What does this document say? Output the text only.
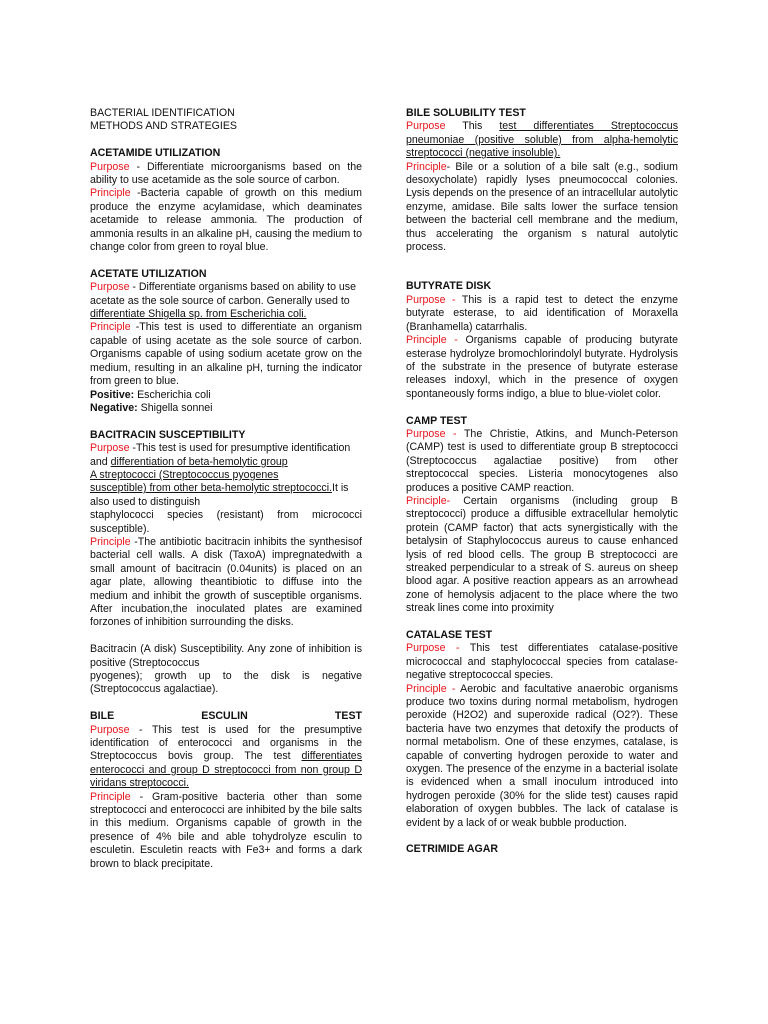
BACTERIAL IDENTIFICATION

METHODS AND STRATEGIES

ACETAMIDE UTILIZATION

Purpose - Differentiate microorganisms based on the ability to use acetamide as the sole source of carbon.

Principle -Bacteria capable of growth on this medium produce the enzyme acylamidase, which deaminates acetamide to release ammonia. The production of ammonia results in an alkaline pH, causing the medium to change color from green to royal blue.

ACETATE UTILIZATION

Purpose - Differentiate organisms based on ability to use

acetate as the sole source of carbon. Generally used to differentiate Shigella sp. from Escherichia coli.

Principle -This test is used to differentiate an organism capable of using acetate as the sole source of carbon. Organisms capable of using sodium acetate grow on the medium, resulting in an alkaline pH, turning the indicator from green to blue.

Positive: Escherichia coli

Negative: Shigella sonnei

BACITRACIN SUSCEPTIBILITY

Purpose -This test is used for presumptive identification

and differentiation of beta-hemolytic group

A streptococci (Streptococcus pyogenes

susceptible) from other beta-hemolytic streptococci.It is also used to distinguish

staphylococci species (resistant) from micrococci susceptible).

Principle -The antibiotic bacitracin inhibits the synthesisof bacterial cell walls. A disk (TaxoA) impregnatedwith a small amount of bacitracin (0.04units) is placed on an agar plate, allowing theantibiotic to diffuse into the medium and inhibit the growth of susceptible organisms. After incubation,the inoculated plates are examined forzones of inhibition surrounding the disks.

Bacitracin (A disk) Susceptibility. Any zone of inhibition is positive (Streptococcus

pyogenes); growth up to the disk is negative (Streptococcus agalactiae).

BILE ESCULIN TEST

Purpose - This test is used for the presumptive identification of enterococci and organisms in the Streptococcus bovis group. The test differentiates enterococci and group D streptococci from non group D viridans streptococci.

Principle - Gram-positive bacteria other than some streptococci and enterococci are inhibited by the bile salts in this medium. Organisms capable of growth in the presence of 4% bile and able tohydrolyze esculin to esculetin. Esculetin reacts with Fe3+ and forms a dark brown to black precipitate.

BILE SOLUBILITY TEST

Purpose This test differentiates Streptococcus pneumoniae (positive soluble) from alpha-hemolytic streptococci (negative insoluble).

Principle- Bile or a solution of a bile salt (e.g., sodium desoxycholate) rapidly lyses pneumococcal colonies. Lysis depends on the presence of an intracellular autolytic enzyme, amidase. Bile salts lower the surface tension between the bacterial cell membrane and the medium, thus accelerating the organism s natural autolytic process.

BUTYRATE DISK

Purpose - This is a rapid test to detect the enzyme butyrate esterase, to aid identification of Moraxella (Branhamella) catarrhalis.

Principle - Organisms capable of producing butyrate esterase hydrolyze bromochlorindolyl butyrate. Hydrolysis of the substrate in the presence of butyrate esterase releases indoxyl, which in the presence of oxygen spontaneously forms indigo, a blue to blue-violet color.

CAMP TEST

Purpose - The Christie, Atkins, and Munch-Peterson (CAMP) test is used to differentiate group B streptococci (Streptococcus agalactiae positive) from other streptococcal species. Listeria monocytogenes also produces a positive CAMP reaction.

Principle- Certain organisms (including group B streptococci) produce a diffusible extracellular hemolytic protein (CAMP factor) that acts synergistically with the betalysin of Staphylococcus aureus to cause enhanced lysis of red blood cells. The group B streptococci are streaked perpendicular to a streak of S. aureus on sheep blood agar. A positive reaction appears as an arrowhead zone of hemolysis adjacent to the place where the two streak lines come into proximity

CATALASE TEST

Purpose - This test differentiates catalase-positive micrococcal and staphylococcal species from catalase-negative streptococcal species.

Principle - Aerobic and facultative anaerobic organisms produce two toxins during normal metabolism, hydrogen peroxide (H2O2) and superoxide radical (O2?). These bacteria have two enzymes that detoxify the products of normal metabolism. One of these enzymes, catalase, is capable of converting hydrogen peroxide to water and oxygen. The presence of the enzyme in a bacterial isolate is evidenced when a small inoculum introduced into hydrogen peroxide (30% for the slide test) causes rapid elaboration of oxygen bubbles. The lack of catalase is evident by a lack of or weak bubble production.

CETRIMIDE AGAR
